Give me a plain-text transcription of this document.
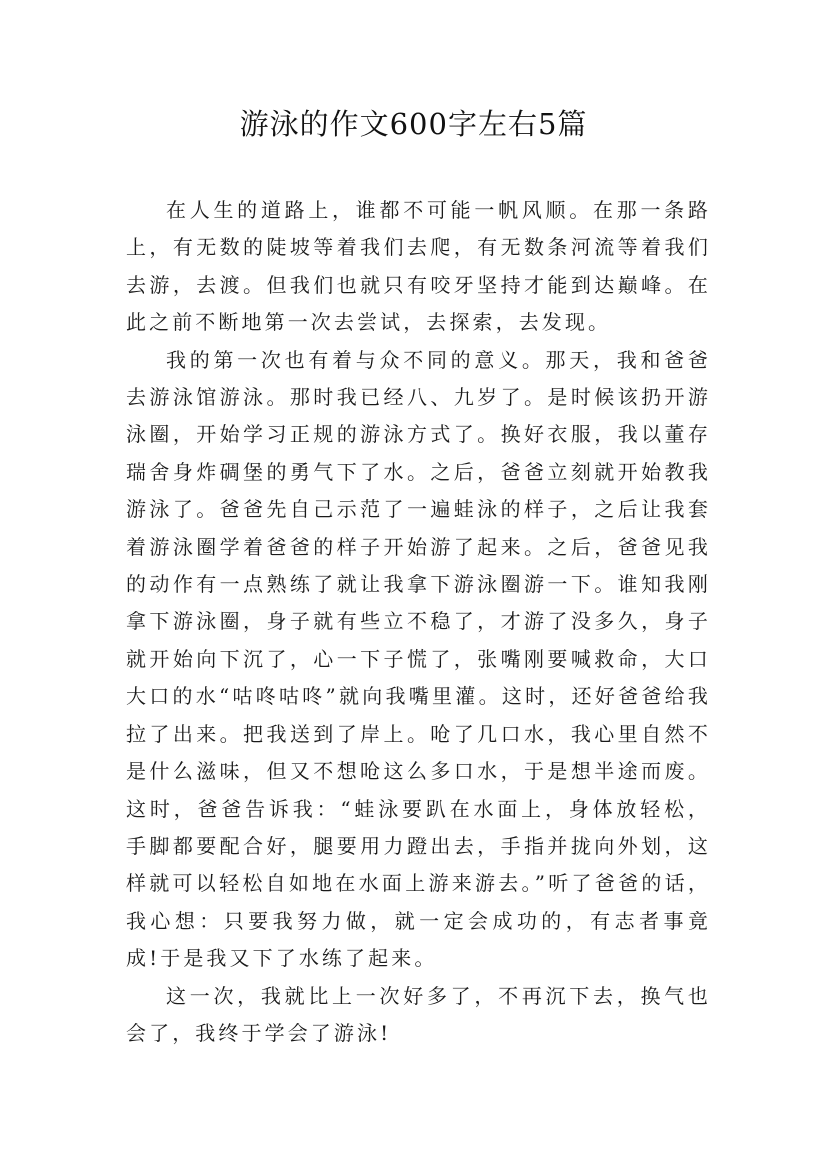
游泳的作文600字左右5篇

在人生的道路上，谁都不可能一帆风顺。在那一条路上，有无数的陡坡等着我们去爬，有无数条河流等着我们去游，去渡。但我们也就只有咬牙坚持才能到达巅峰。在此之前不断地第一次去尝试，去探索，去发现。

我的第一次也有着与众不同的意义。那天，我和爸爸去游泳馆游泳。那时我已经八、九岁了。是时候该扔开游泳圈，开始学习正规的游泳方式了。换好衣服，我以董存瑞舍身炸碉堡的勇气下了水。之后，爸爸立刻就开始教我游泳了。爸爸先自己示范了一遍蛙泳的样子，之后让我套着游泳圈学着爸爸的样子开始游了起来。之后，爸爸见我的动作有一点熟练了就让我拿下游泳圈游一下。谁知我刚拿下游泳圈，身子就有些立不稳了，才游了没多久，身子就开始向下沉了，心一下子慌了，张嘴刚要喊救命，大口大口的水“咕咚咕咚”就向我嘴里灌。这时，还好爸爸给我拉了出来。把我送到了岸上。呛了几口水，我心里自然不是什么滋味，但又不想呛这么多口水，于是想半途而废。这时，爸爸告诉我：“蛙泳要趴在水面上，身体放轻松，手脚都要配合好，腿要用力蹬出去，手指并拢向外划，这样就可以轻松自如地在水面上游来游去。”听了爸爸的话，我心想：只要我努力做，就一定会成功的，有志者事竟成!于是我又下了水练了起来。

这一次，我就比上一次好多了，不再沉下去，换气也会了，我终于学会了游泳!
